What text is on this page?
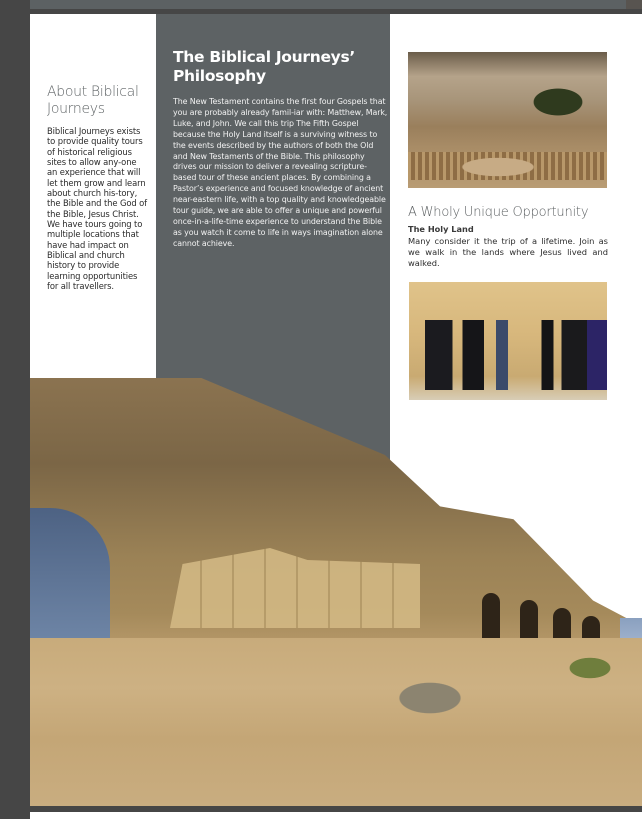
The Biblical Journeys’ Philosophy

The New Testament contains the first four Gospels that you are probably already famil-iar with: Matthew, Mark, Luke, and John. We call this trip The Fifth Gospel because the Holy Land itself is a surviving witness to the events described by the authors of both the Old and New Testaments of the Bible. This philosophy drives our mission to deliver a revealing scripture-based tour of these ancient places. By combining a Pastor’s experience and focused knowledge of ancient near-eastern life, with a top quality and knowledgeable tour guide, we are able to offer a unique and powerful once-in-a-life-time experience to understand the Bible as you watch it come to life in ways imagination alone cannot achieve.

About Biblical Journeys

Biblical Journeys exists to provide quality tours of historical religious sites to allow any-one an experience that will let them grow and learn about church his-tory, the Bible and the God of the Bible, Jesus Christ. We have tours going to multiple locations that have had impact on Biblical and church history to provide learning opportunities for all travellers.

A Wholy Unique Opportunity
The Holy Land

Many consider it the trip of a lifetime. Join as we walk in the lands where Jesus lived and walked.
